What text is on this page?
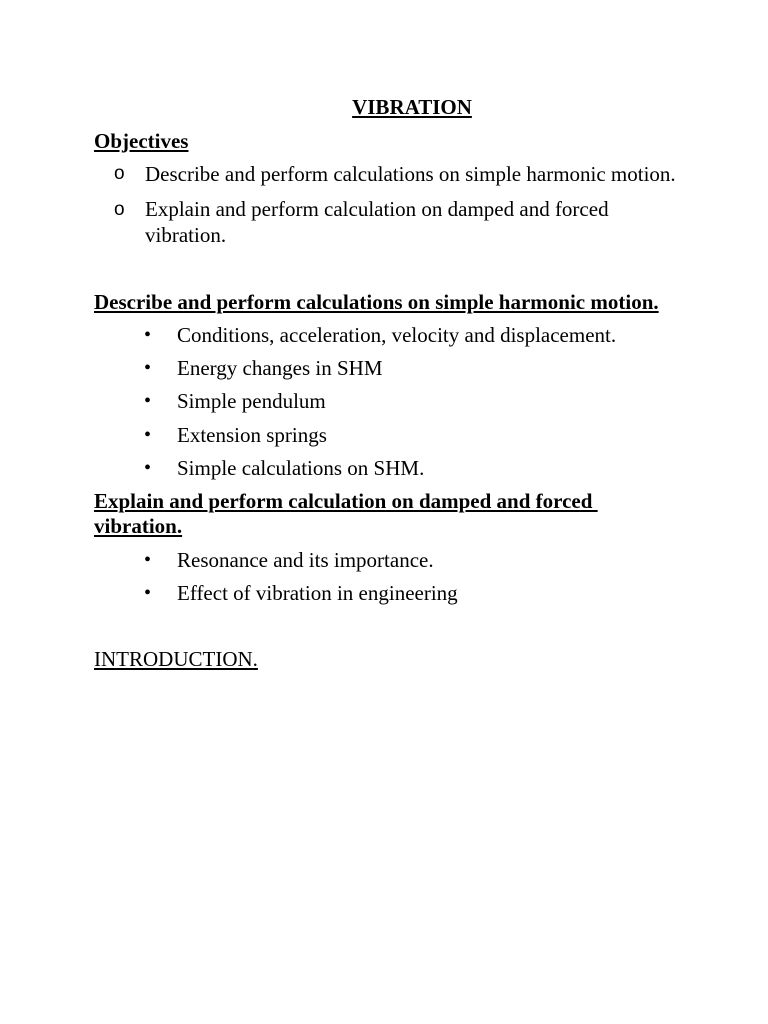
VIBRATION
Objectives
o Describe and perform calculations on simple harmonic motion.
o Explain and perform calculation on damped and forced vibration.
Describe and perform calculations on simple harmonic motion.
• Conditions, acceleration, velocity and displacement.
• Energy changes in SHM
• Simple pendulum
• Extension springs
• Simple calculations on SHM.
Explain and perform calculation on damped and forced
vibration.
• Resonance and its importance.
• Effect of vibration in engineering
INTRODUCTION.
